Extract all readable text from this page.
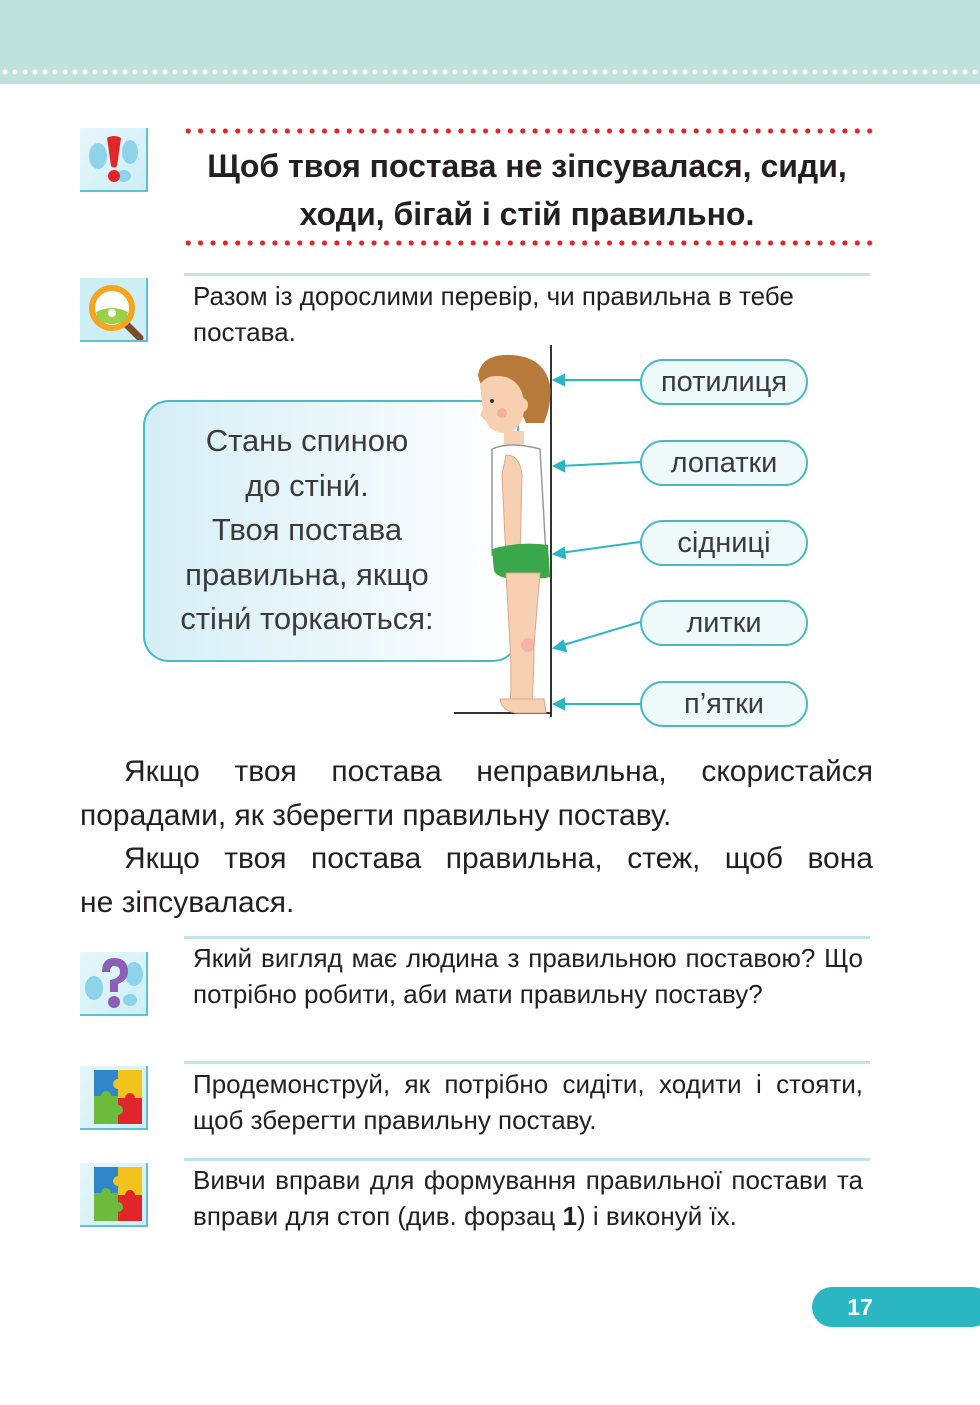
Щоб твоя постава не зіпсувалася, сиди,
ходи, бігай і стій правильно.
Разом із дорослими перевір, чи правильна в тебе постава.
Стань спиною
до стіни́.
Твоя постава
правильна, якщо
стіни́ торкаються:
потилиця
лопатки
сідниці
литки
п’ятки
Якщо твоя постава неправильна, скористайся
порадами, як зберегти правильну поставу.
Якщо твоя постава правильна, стеж, щоб вона
не зіпсувалася.
Який вигляд має людина з правильною постaвою? Що потрібно робити, аби мати правильну поставу?
Продемонструй, як потрібно сидіти, ходити і стояти, щоб зберегти правильну поставу.
Вивчи вправи для формування правильної постави та вправи для стоп (див. форзац 1) і виконуй їх.
17
